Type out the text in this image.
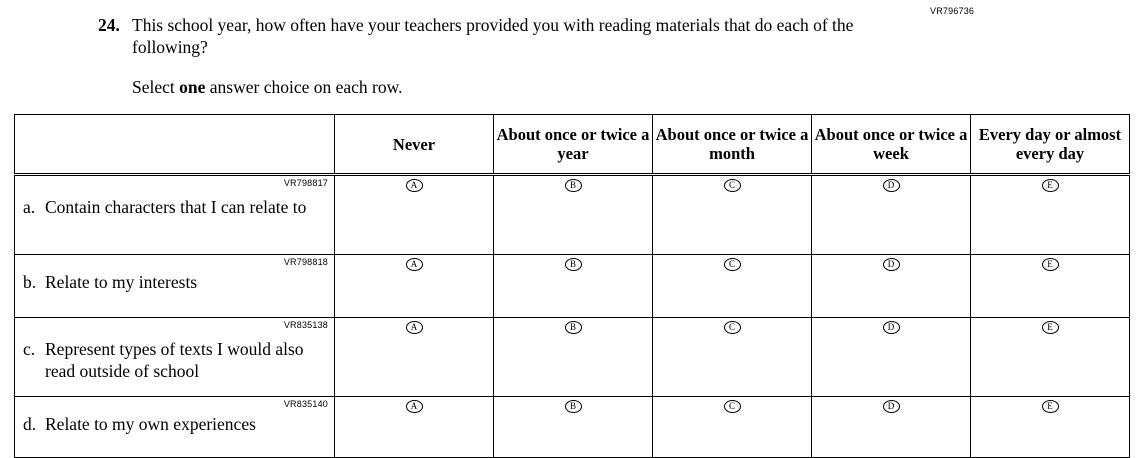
VR796736
24. This school year, how often have your teachers provided you with reading materials that do each of the following?
Select one answer choice on each row.
	Never	About once or twice a year	About once or twice a month	About once or twice a week	Every day or almost every day

VR798817
a. Contain characters that I can relate to	A	B	C	D	E

VR798818
b. Relate to my interests	A	B	C	D	E

VR835138
c. Represent types of texts I would also read outside of school	A	B	C	D	E

VR835140
d. Relate to my own experiences	A	B	C	D	E
